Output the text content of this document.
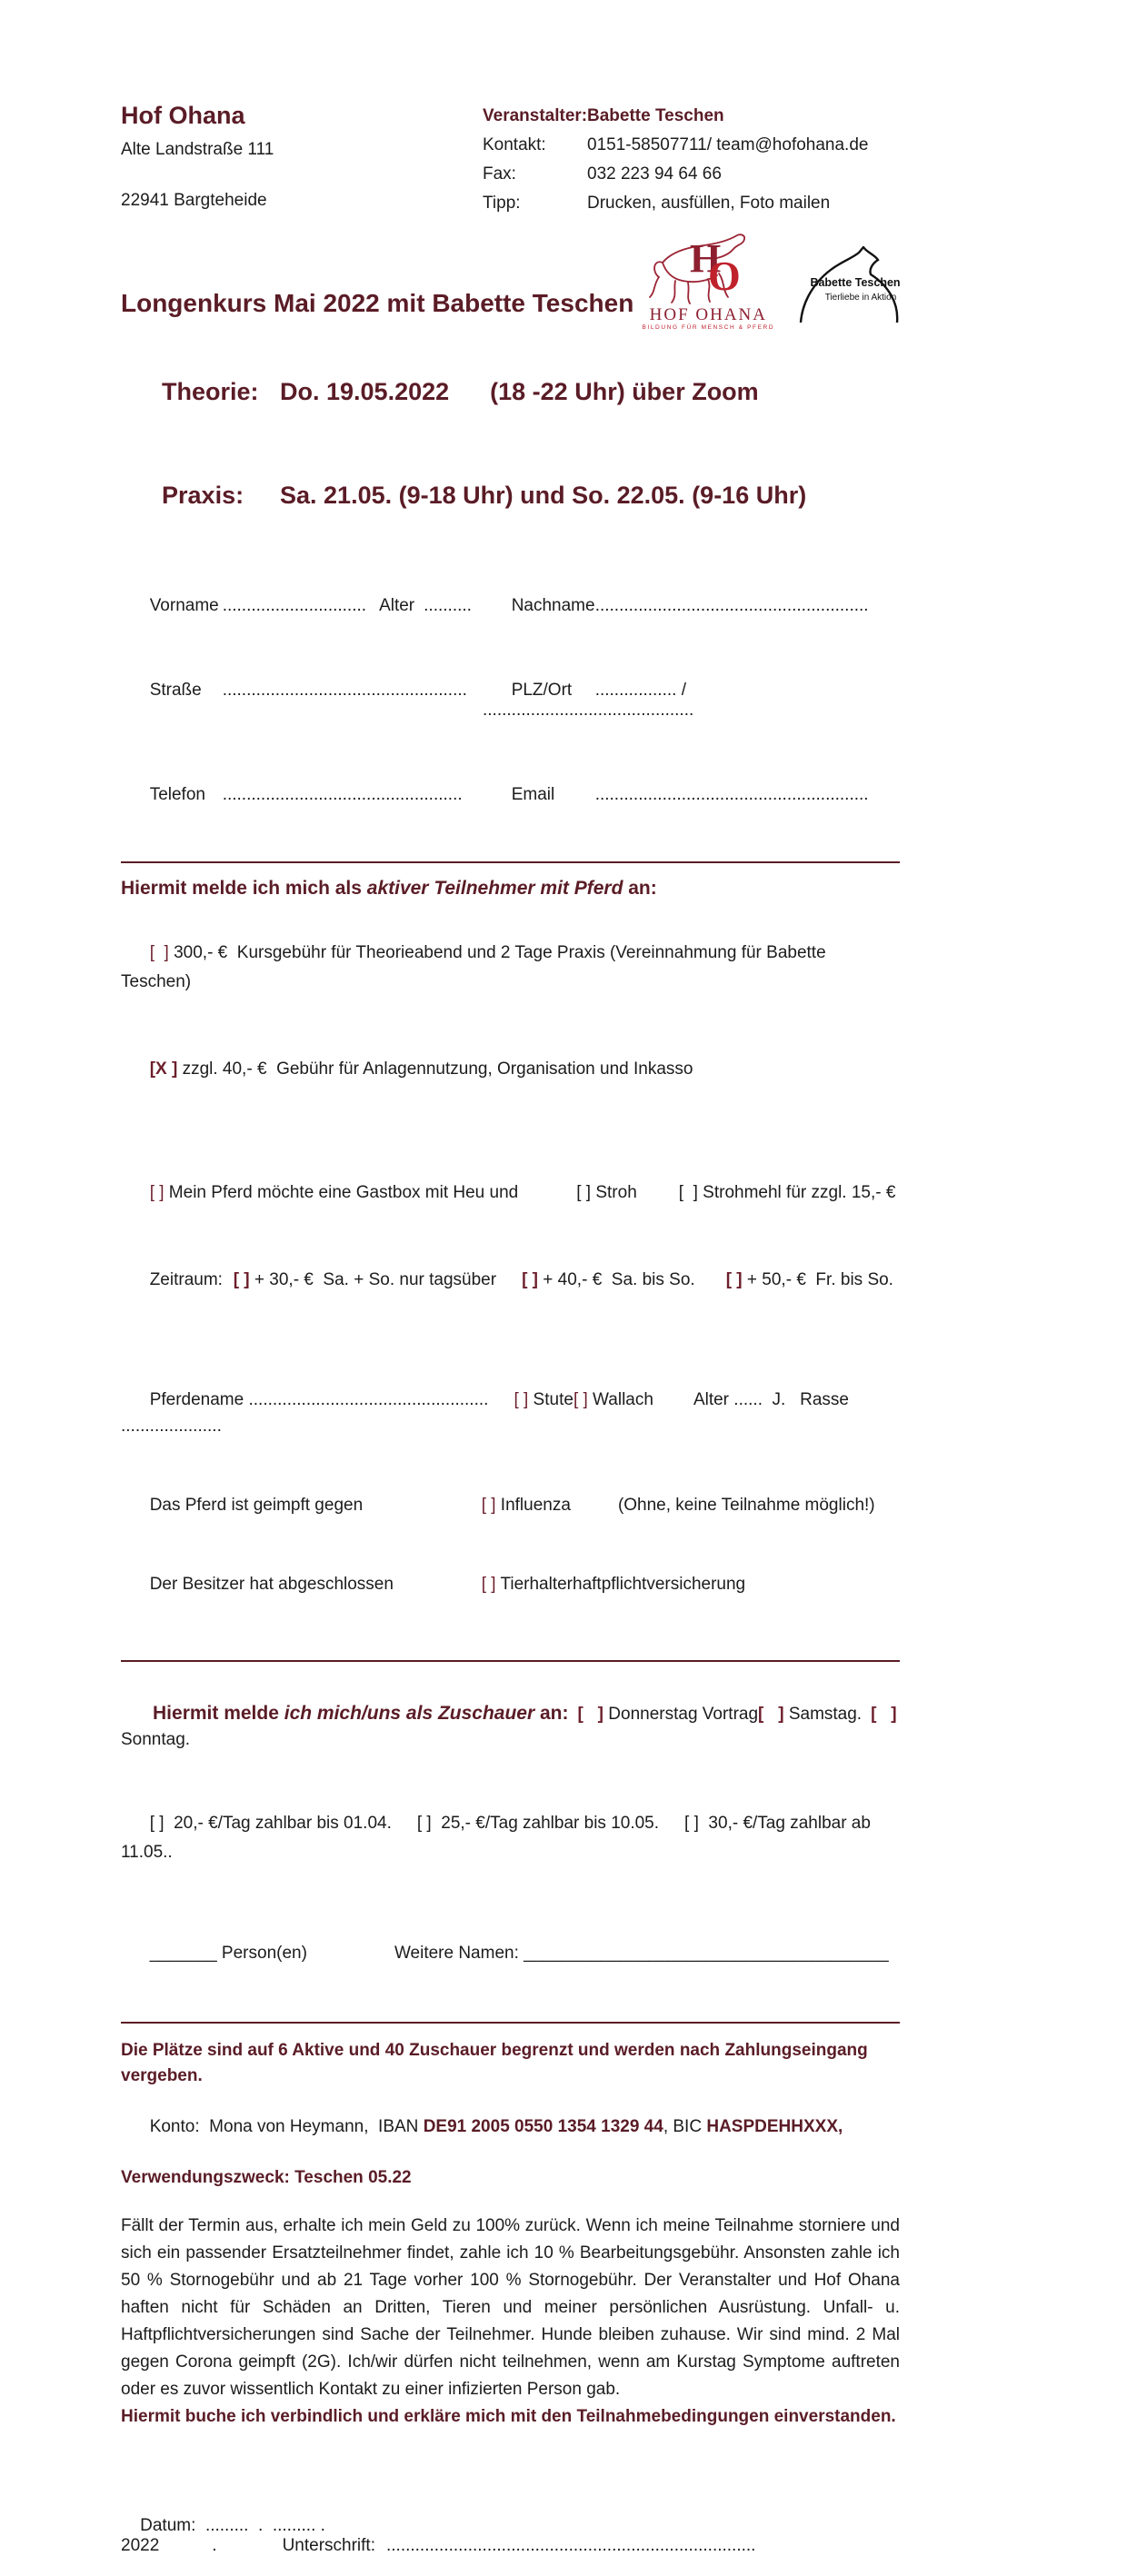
Hof Ohana
Alte Landstraße 111
22941 Bargteheide
Veranstalter: Babette Teschen
Kontakt:	0151-58507711/ team@hofohana.de
Fax:	032 223 94 64 66
Tipp:	Drucken, ausfüllen, Foto mailen
Longenkurs Mai 2022 mit Babette Teschen
H
O
HOF OHANA
BILDUNG FÜR MENSCH & PFERD
Babette Teschen
Tierliebe in Aktion

Theorie: Do. 19.05.2022      (18 -22 Uhr) über Zoom

Praxis: Sa. 21.05. (9-18 Uhr) und So. 22.05. (9-16 Uhr)

Vorname .............................. Alter ..........
	Nachname.........................................................

Straße ...................................................
	PLZ/Ort ................. / ............................................

Telefon ..................................................
	Email .........................................................

Hiermit melde ich mich als aktiver Teilnehmer mit Pferd an:

[  ] 300,- €  Kursgebühr für Theorieabend und 2 Tage Praxis (Vereinnahmung für Babette Teschen)

[X ] zzgl. 40,- €  Gebühr für Anlagennutzung, Organisation und Inkasso

[ ] Mein Pferd möchte eine Gastbox mit Heu und	[ ] Stroh [  ] Strohmehl für zzgl. 15,- €

Zeitraum: [ ] + 30,- €  Sa. + So. nur tagsüber [ ] + 40,- €  Sa. bis So. [ ] + 50,- €  Fr. bis So.

Pferdename .................................................. [ ] Stute[ ] Wallach Alter ......  J.   Rasse .....................

Das Pferd ist geimpft gegen	[ ] Influenza	(Ohne, keine Teilnahme möglich!)

Der Besitzer hat abgeschlossen	[ ] Tierhalterhaftpflichtversicherung

Hiermit melde ich mich/uns als Zuschauer an: [   ] Donnerstag Vortrag[   ] Samstag. [   ] Sonntag.

[ ]  20,- €/Tag zahlbar bis 01.04. [ ]  25,- €/Tag zahlbar bis 10.05. [ ]  30,- €/Tag zahlbar ab 11.05..

_______ Person(en)	Weitere Namen: ______________________________________

Die Plätze sind auf 6 Aktive und 40 Zuschauer begrenzt und werden nach Zahlungseingang vergeben.

Konto:  Mona von Heymann,  IBAN DE91 2005 0550 1354 1329 44, BIC HASPDEHHXXX,

Verwendungszweck: Teschen 05.22
Fällt der Termin aus, erhalte ich mein Geld zu 100% zurück. Wenn ich meine Teilnahme storniere und sich ein passender Ersatzteilnehmer findet, zahle ich 10 % Bearbeitungsgebühr. Ansonsten zahle ich 50 % Stornogebühr und ab 21 Tage vorher 100 % Stornogebühr. Der Veranstalter und Hof Ohana haften nicht für Schäden an Dritten, Tieren und meiner persönlichen Ausrüstung. Unfall- u. Haftpflichtversicherungen sind Sache der Teilnehmer. Hunde bleiben zuhause. Wir sind mind. 2 Mal gegen Corona geimpft (2G). Ich/wir dürfen nicht teilnehmen, wenn am Kurstag Symptome auftreten oder es zuvor wissentlich Kontakt zu einer infizierten Person gab.
Hiermit buche ich verbindlich und erkläre mich mit den Teilnahmebedingungen einverstanden.

Datum:  .........  .  ......... . 2022	.	Unterschrift: .............................................................................
